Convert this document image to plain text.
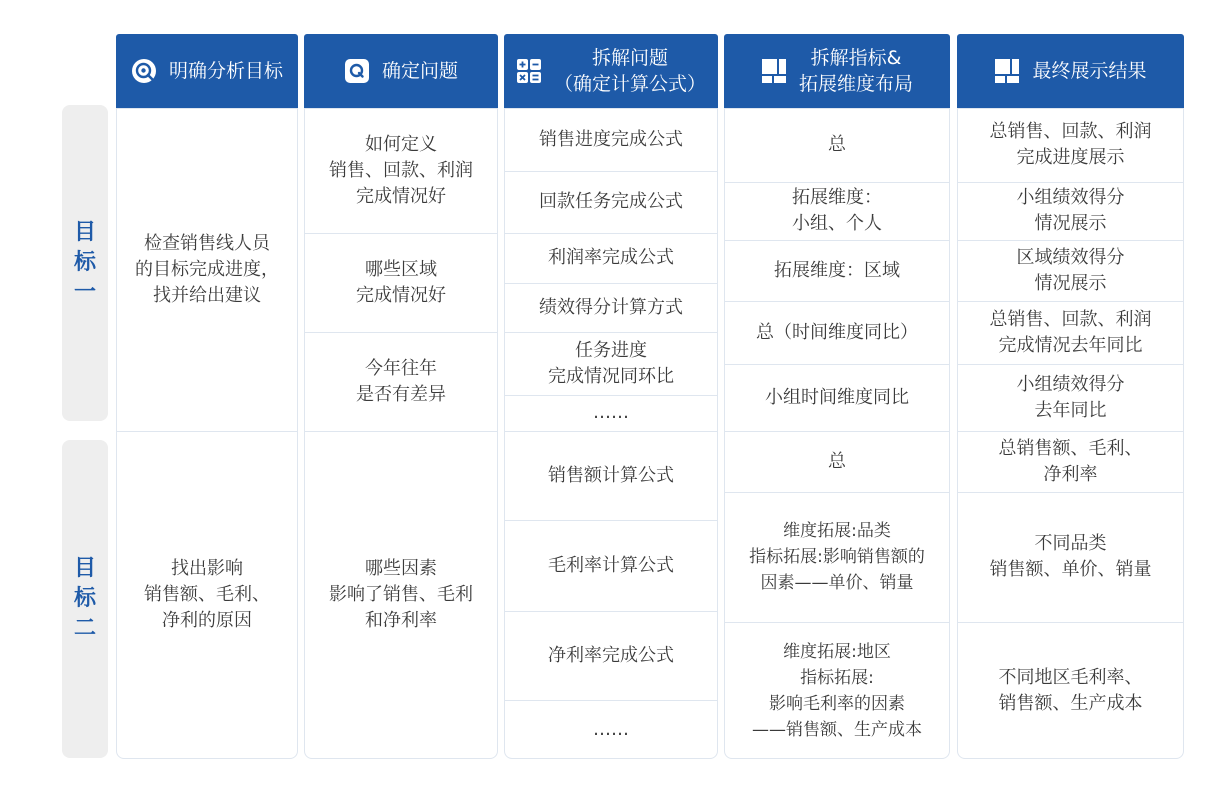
明确分析目标	确定问题
拆解问题
（确定计算公式）
拆解指标&
拓展维度布局
最终展示结果
目
标
一
目
标
二
检查销售线人员
的目标完成进度，
找并给出建议
找出影响
销售额、毛利、
净利的原因
如何定义
销售、回款、利润
完成情况好
哪些区域
完成情况好
今年往年
是否有差异
哪些因素
影响了销售、毛利
和净利率
销售进度完成公式
回款任务完成公式
利润率完成公式
绩效得分计算方式
任务进度
完成情况同环比
……
销售额计算公式
毛利率计算公式
净利率完成公式
……
总
拓展维度：
小组、个人
拓展维度：区域
总（时间维度同比）
小组时间维度同比
总
维度拓展:品类
指标拓展:影响销售额的
因素——单价、销量
维度拓展:地区
指标拓展:
影响毛利率的因素
——销售额、生产成本
总销售、回款、利润
完成进度展示
小组绩效得分
情况展示
区域绩效得分
情况展示
总销售、回款、利润
完成情况去年同比
小组绩效得分
去年同比
总销售额、毛利、
净利率
不同品类
销售额、单价、销量
不同地区毛利率、
销售额、生产成本
